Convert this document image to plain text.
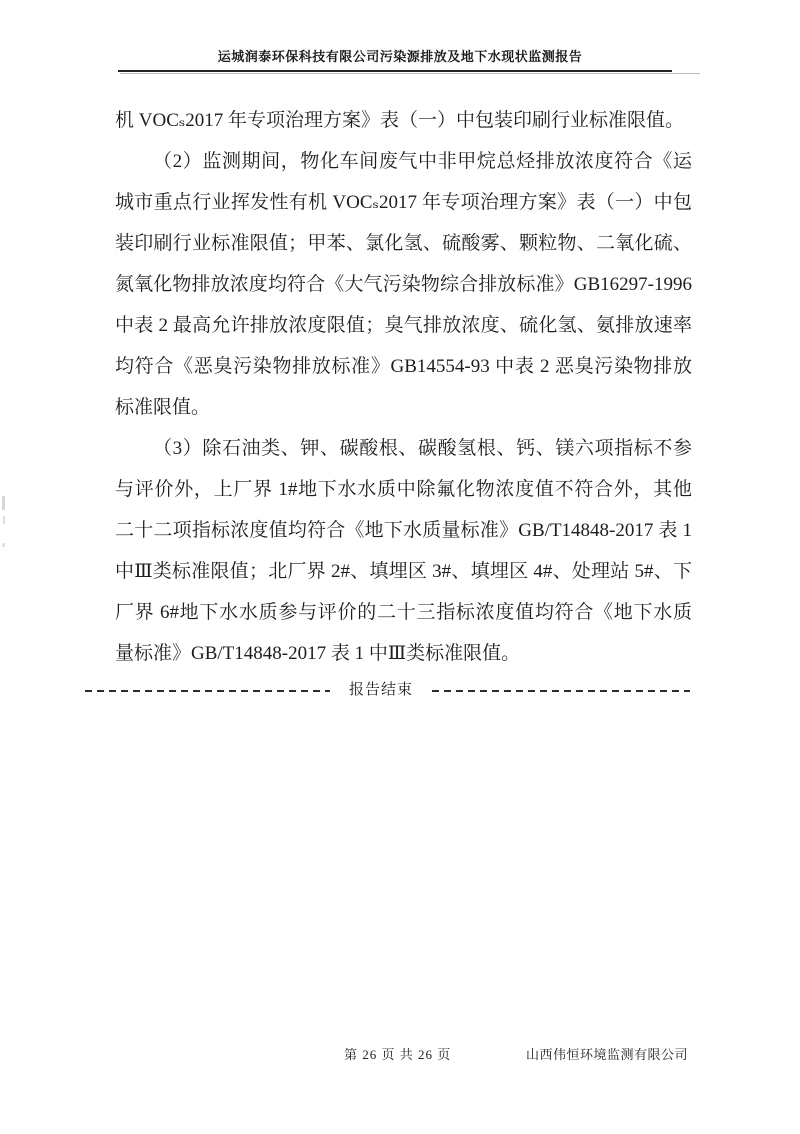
运城润泰环保科技有限公司污染源排放及地下水现状监测报告
机 VOCₛ2017 年专项治理方案》表（一）中包装印刷行业标准限值。
（2）监测期间，物化车间废气中非甲烷总烃排放浓度符合《运
城市重点行业挥发性有机 VOCₛ2017 年专项治理方案》表（一）中包
装印刷行业标准限值；甲苯、氯化氢、硫酸雾、颗粒物、二氧化硫、
氮氧化物排放浓度均符合《大气污染物综合排放标准》GB16297-1996
中表 2 最高允许排放浓度限值；臭气排放浓度、硫化氢、氨排放速率
均符合《恶臭污染物排放标准》GB14554-93 中表 2 恶臭污染物排放
标准限值。
（3）除石油类、钾、碳酸根、碳酸氢根、钙、镁六项指标不参
与评价外，上厂界 1#地下水水质中除氟化物浓度值不符合外，其他
二十二项指标浓度值均符合《地下水质量标准》GB/T14848-2017 表 1
中Ⅲ类标准限值；北厂界 2#、填埋区 3#、填埋区 4#、处理站 5#、下
厂界 6#地下水水质参与评价的二十三指标浓度值均符合《地下水质
量标准》GB/T14848-2017 表 1 中Ⅲ类标准限值。
报告结束
第 26 页 共 26 页	山西伟恒环境监测有限公司
